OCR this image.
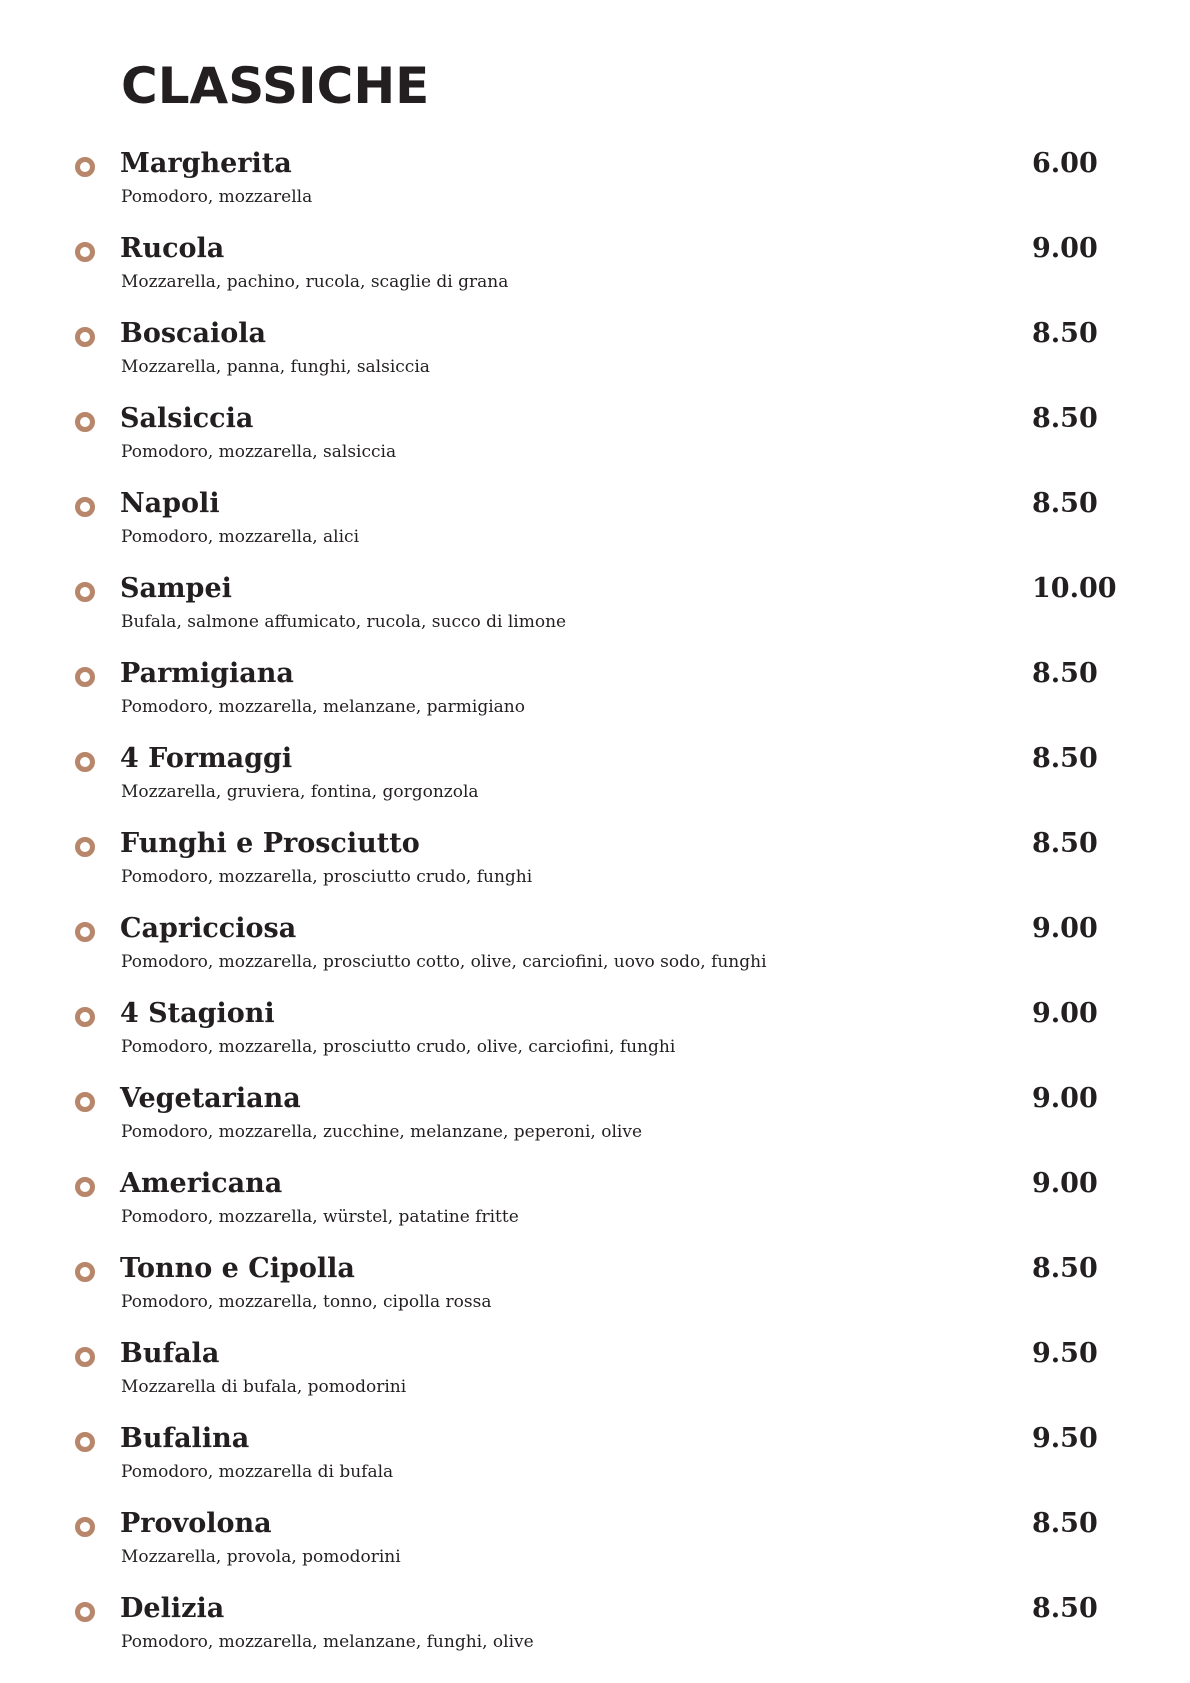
CLASSICHE
Margherita
Pomodoro, mozzarella
6.00
Rucola
Mozzarella, pachino, rucola, scaglie di grana
9.00
Boscaiola
Mozzarella, panna, funghi, salsiccia
8.50
Salsiccia
Pomodoro, mozzarella, salsiccia
8.50
Napoli
Pomodoro, mozzarella, alici
8.50
Sampei
Bufala, salmone affumicato, rucola, succo di limone
10.00
Parmigiana
Pomodoro, mozzarella, melanzane, parmigiano
8.50
4 Formaggi
Mozzarella, gruviera, fontina, gorgonzola
8.50
Funghi e Prosciutto
Pomodoro, mozzarella, prosciutto crudo, funghi
8.50
Capricciosa
Pomodoro, mozzarella, prosciutto cotto, olive, carciofini, uovo sodo, funghi
9.00
4 Stagioni
Pomodoro, mozzarella, prosciutto crudo, olive, carciofini, funghi
9.00
Vegetariana
Pomodoro, mozzarella, zucchine, melanzane, peperoni, olive
9.00
Americana
Pomodoro, mozzarella, würstel, patatine fritte
9.00
Tonno e Cipolla
Pomodoro, mozzarella, tonno, cipolla rossa
8.50
Bufala
Mozzarella di bufala, pomodorini
9.50
Bufalina
Pomodoro, mozzarella di bufala
9.50
Provolona
Mozzarella, provola, pomodorini
8.50
Delizia
Pomodoro, mozzarella, melanzane, funghi, olive
8.50
